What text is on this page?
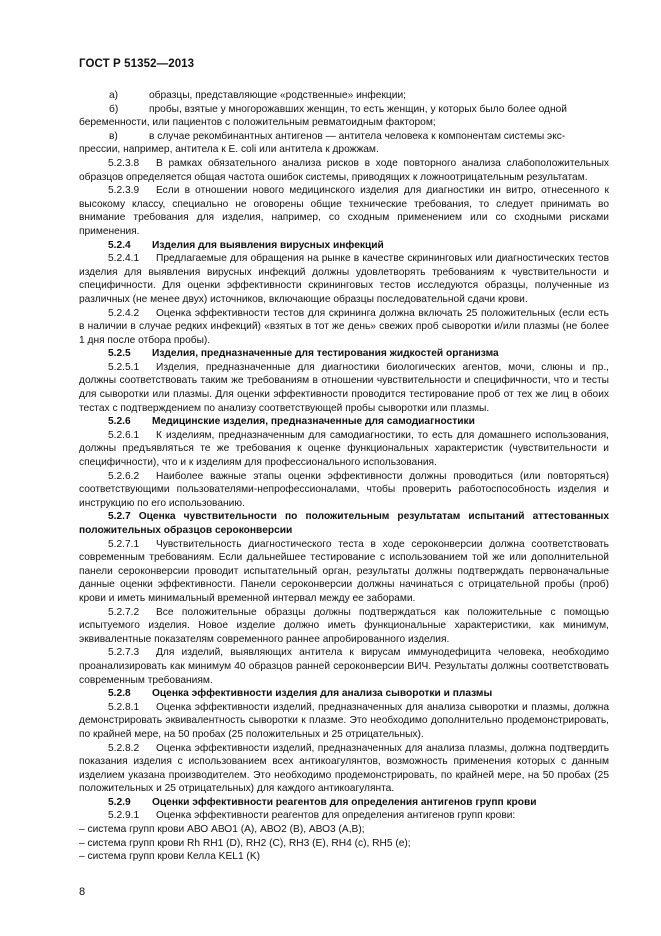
ГОСТ Р 51352—2013
а)	образцы, представляющие «родственные» инфекции;
б)	пробы, взятые у многорожавших женщин, то есть женщин, у которых было более одной

беременности, или пациентов с положительным ревматоидным фактором;

в)	в случае рекомбинантных антигенов — антитела человека к компонентам системы экс-

прессии, например, антитела к E. coli или антитела к дрожжам.

5.2.3.8 В рамках обязательного анализа рисков в ходе повторного анализа слабоположительных образцов определяется общая частота ошибок системы, приводящих к ложноотрицательным результатам.

5.2.3.9 Если в отношении нового медицинского изделия для диагностики ин витро, отнесенного к высокому классу, специально не оговорены общие технические требования, то следует принимать во внимание требования для изделия, например, со сходным применением или со сходными рисками применения.

5.2.4 Изделия для выявления вирусных инфекций

5.2.4.1 Предлагаемые для обращения на рынке в качестве скрининговых или диагностических тестов изделия для выявления вирусных инфекций должны удовлетворять требованиям к чувствительности и специфичности. Для оценки эффективности скрининговых тестов исследуются образцы, полученные из различных (не менее двух) источников, включающие образцы последовательной сдачи крови.

5.2.4.2 Оценка эффективности тестов для скрининга должна включать 25 положительных (если есть в наличии в случае редких инфекций) «взятых в тот же день» свежих проб сыворотки и/или плазмы (не более 1 дня после отбора пробы).

5.2.5 Изделия, предназначенные для тестирования жидкостей организма

5.2.5.1 Изделия, предназначенные для диагностики биологических агентов, мочи, слюны и пр., должны соответствовать таким же требованиям в отношении чувствительности и специфичности, что и тесты для сыворотки или плазмы. Для оценки эффективности проводится тестирование проб от тех же лиц в обоих тестах с подтверждением по анализу соответствующей пробы сыворотки или плазмы.

5.2.6 Медицинские изделия, предназначенные для самодиагностики

5.2.6.1 К изделиям, предназначенным для самодиагностики, то есть для домашнего использования, должны предъявляться те же требования к оценке функциональных характеристик (чувствительности и специфичности), что и к изделиям для профессионального использования.

5.2.6.2 Наиболее важные этапы оценки эффективности должны проводиться (или повторяться) соответствующими пользователями-непрофессионалами, чтобы проверить работоспособность изделия и инструкцию по его использованию.

5.2.7 Оценка чувствительности по положительным результатам испытаний аттестованных положительных образцов сероконверсии

5.2.7.1 Чувствительность диагностического теста в ходе сероконверсии должна соответствовать современным требованиям. Если дальнейшее тестирование с использованием той же или дополнительной панели сероконверсии проводит испытательный орган, результаты должны подтверждать первоначальные данные оценки эффективности. Панели сероконверсии должны начинаться с отрицательной пробы (проб) крови и иметь минимальный временной интервал между ее заборами.

5.2.7.2 Все положительные образцы должны подтверждаться как положительные с помощью испытуемого изделия. Новое изделие должно иметь функциональные характеристики, как минимум, эквивалентные показателям современного раннее апробированного изделия.

5.2.7.3 Для изделий, выявляющих антитела к вирусам иммунодефицита человека, необходимо проанализировать как минимум 40 образцов ранней сероконверсии ВИЧ. Результаты должны соответствовать современным требованиям.

5.2.8 Оценка эффективности изделия для анализа сыворотки и плазмы

5.2.8.1 Оценка эффективности изделий, предназначенных для анализа сыворотки и плазмы, должна демонстрировать эквивалентность сыворотки к плазме. Это необходимо дополнительно продемонстрировать, по крайней мере, на 50 пробах (25 положительных и 25 отрицательных).

5.2.8.2 Оценка эффективности изделий, предназначенных для анализа плазмы, должна подтвердить показания изделия с использованием всех антикоагулянтов, возможность применения которых с данным изделием указана производителем. Это необходимо продемонстрировать, по крайней мере, на 50 пробах (25 положительных и 25 отрицательных) для каждого антикоагулянта.

5.2.9 Оценки эффективности реагентов для определения антигенов групп крови

5.2.9.1 Оценка эффективности реагентов для определения антигенов групп крови:

– система групп крови АВО АВО1 (А), АВО2 (В), АВО3 (А,В);

– система групп крови Rh RH1 (D), RH2 (C), RH3 (E), RH4 (c), RH5 (e);

– система групп крови Келла KEL1 (K)

8
